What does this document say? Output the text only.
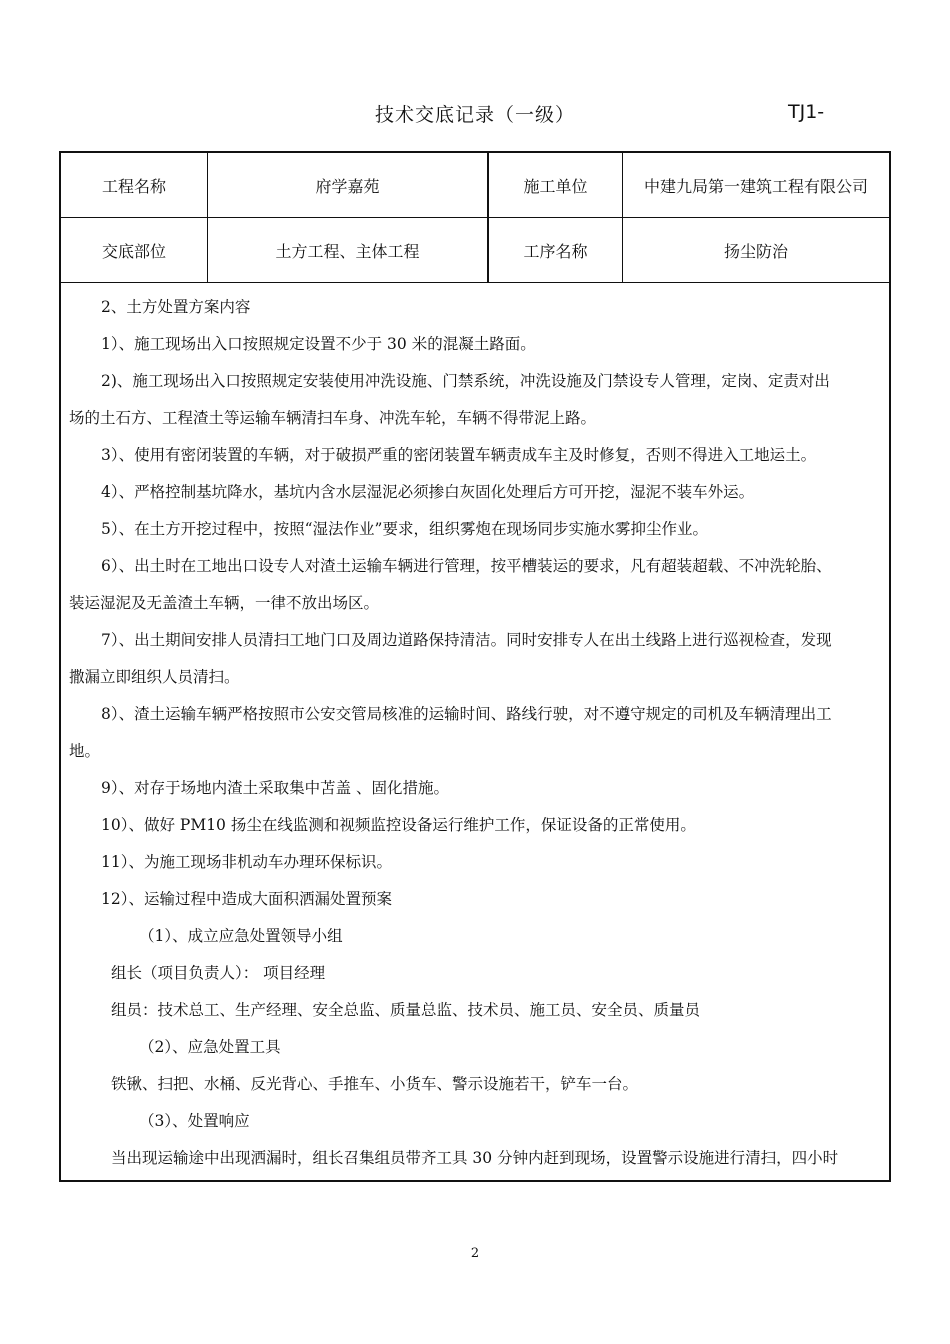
技术交底记录（一级）	TJ1-
工程名称	府学嘉苑	施工单位	中建九局第一建筑工程有限公司
交底部位	土方工程、主体工程	工序名称	扬尘防治
2、土方处置方案内容
1）、施工现场出入口按照规定设置不少于 30 米的混凝土路面。
2)、施工现场出入口按照规定安装使用冲洗设施、门禁系统，冲洗设施及门禁设专人管理，定岗、定责对出
场的土石方、工程渣土等运输车辆清扫车身、冲洗车轮，车辆不得带泥上路。
3）、使用有密闭装置的车辆，对于破损严重的密闭装置车辆责成车主及时修复，否则不得进入工地运土。
4）、严格控制基坑降水，基坑内含水层湿泥必须掺白灰固化处理后方可开挖，湿泥不装车外运。
5）、在土方开挖过程中，按照“湿法作业”要求，组织雾炮在现场同步实施水雾抑尘作业。
6）、出土时在工地出口设专人对渣土运输车辆进行管理，按平槽装运的要求，凡有超装超载、不冲洗轮胎、
装运湿泥及无盖渣土车辆，一律不放出场区。
7）、出土期间安排人员清扫工地门口及周边道路保持清洁。同时安排专人在出土线路上进行巡视检查，发现
撒漏立即组织人员清扫。
8）、渣土运输车辆严格按照市公安交管局核准的运输时间、路线行驶，对不遵守规定的司机及车辆清理出工
地。
9）、对存于场地内渣土采取集中苫盖 、固化措施。
10）、做好 PM10 扬尘在线监测和视频监控设备运行维护工作，保证设备的正常使用。
11）、为施工现场非机动车办理环保标识。
12）、运输过程中造成大面积洒漏处置预案
（1）、成立应急处置领导小组
组长（项目负责人）： 项目经理
组员：技术总工、生产经理、安全总监、质量总监、技术员、施工员、安全员、质量员
（2）、应急处置工具
铁锹、扫把、水桶、反光背心、手推车、小货车、警示设施若干，铲车一台。
（3）、处置响应
当出现运输途中出现洒漏时，组长召集组员带齐工具 30 分钟内赶到现场，设置警示设施进行清扫，四小时
2
